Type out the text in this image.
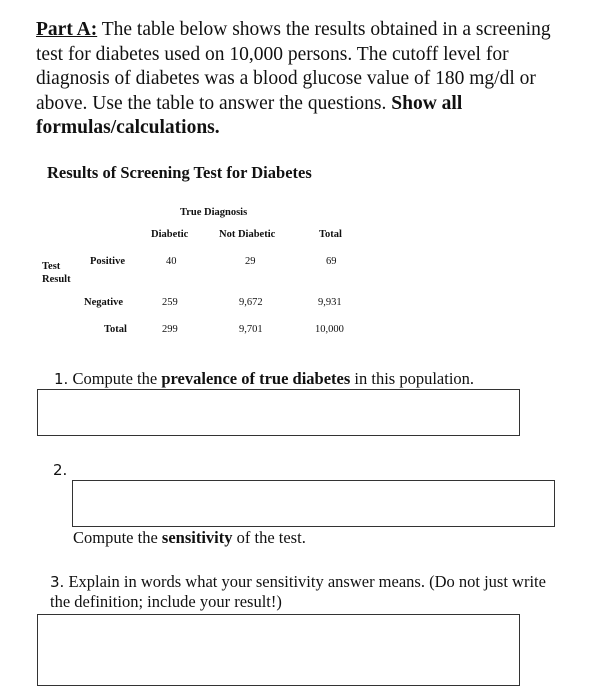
Part A: The table below shows the results obtained in a screening test for diabetes used on 10,000 persons. The cutoff level for diagnosis of diabetes was a blood glucose value of 180 mg/dl or above. Use the table to answer the questions. Show all formulas/calculations.
Results of Screening Test for Diabetes
True Diagnosis
Diabetic	Not Diabetic	Total
Test
Result
Positive	40	29	69
Negative	259	9,672	9,931
Total	299	9,701	10,000
1. Compute the prevalence of true diabetes in this population.
2.
Compute the sensitivity of the test.
3. Explain in words what your sensitivity answer means. (Do not just write the definition; include your result!)
